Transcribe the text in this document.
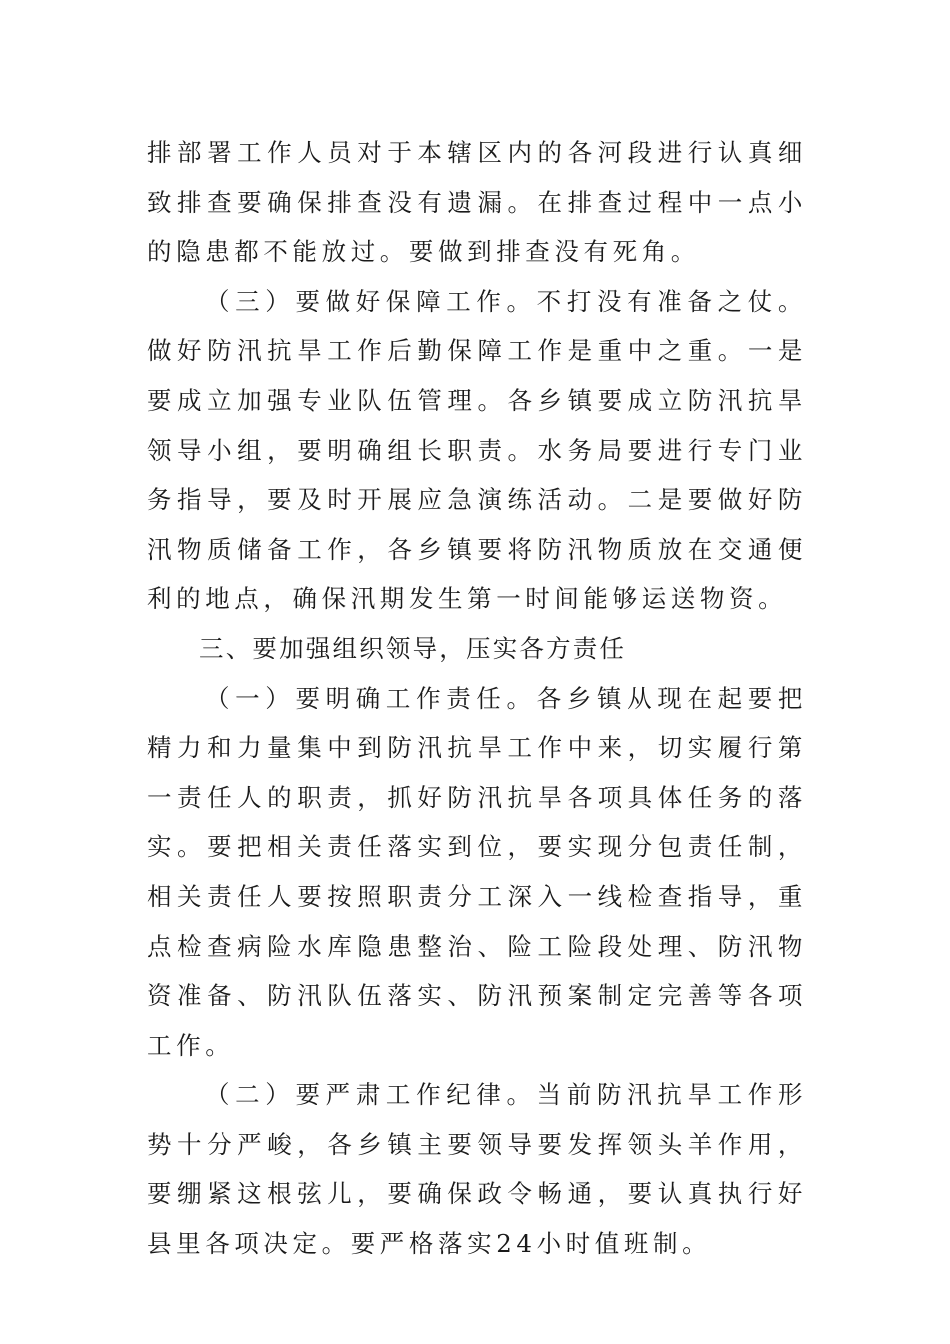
排部署工作人员对于本辖区内的各河段进行认真细致排查要确保排查没有遗漏。在排查过程中一点小的隐患都不能放过。要做到排查没有死角。

（三）要做好保障工作。不打没有准备之仗。做好防汛抗旱工作后勤保障工作是重中之重。一是要成立加强专业队伍管理。各乡镇要成立防汛抗旱领导小组，要明确组长职责。水务局要进行专门业务指导，要及时开展应急演练活动。二是要做好防汛物质储备工作，各乡镇要将防汛物质放在交通便利的地点，确保汛期发生第一时间能够运送物资。

三、要加强组织领导，压实各方责任

（一）要明确工作责任。各乡镇从现在起要把精力和力量集中到防汛抗旱工作中来，切实履行第一责任人的职责，抓好防汛抗旱各项具体任务的落实。要把相关责任落实到位，要实现分包责任制，相关责任人要按照职责分工深入一线检查指导，重点检查病险水库隐患整治、险工险段处理、防汛物资准备、防汛队伍落实、防汛预案制定完善等各项工作。

（二）要严肃工作纪律。当前防汛抗旱工作形势十分严峻，各乡镇主要领导要发挥领头羊作用，要绷紧这根弦儿，要确保政令畅通，要认真执行好县里各项决定。要严格落实24小时值班制。
